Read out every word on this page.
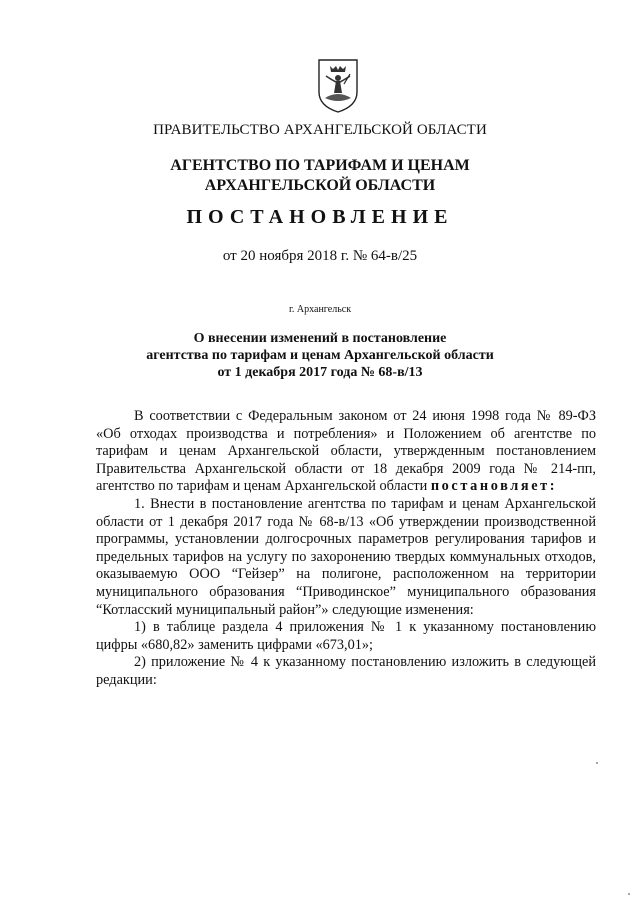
ПРАВИТЕЛЬСТВО АРХАНГЕЛЬСКОЙ ОБЛАСТИ
АГЕНТСТВО ПО ТАРИФАМ И ЦЕНАМ
АРХАНГЕЛЬСКОЙ ОБЛАСТИ
ПОСТАНОВЛЕНИЕ
от 20 ноября 2018 г. № 64-в/25
г. Архангельск
О внесении изменений в постановление
агентства по тарифам и ценам Архангельской области
от 1 декабря 2017 года № 68-в/13

В соответствии с Федеральным законом от 24 июня 1998 года № 89-ФЗ «Об отходах производства и потребления» и Положением об агентстве по тарифам и ценам Архангельской области, утвержденным постановлением Правительства Архангельской области от 18 декабря 2009 года № 214-пп, агентство по тарифам и ценам Архангельской области постановляет:

1. Внести в постановление агентства по тарифам и ценам Архангельской области от 1 декабря 2017 года № 68-в/13 «Об утверждении производственной программы, установлении долгосрочных параметров регулирования тарифов и предельных тарифов на услугу по захоронению твердых коммунальных отходов, оказываемую ООО “Гейзер” на полигоне, расположенном на территории муниципального образования “Приводинское” муниципального образования “Котласский муниципальный район”» следующие изменения:

1) в таблице раздела 4 приложения № 1 к указанному постановлению цифры «680,82» заменить цифрами «673,01»;

2) приложение № 4 к указанному постановлению изложить в следующей редакции:
